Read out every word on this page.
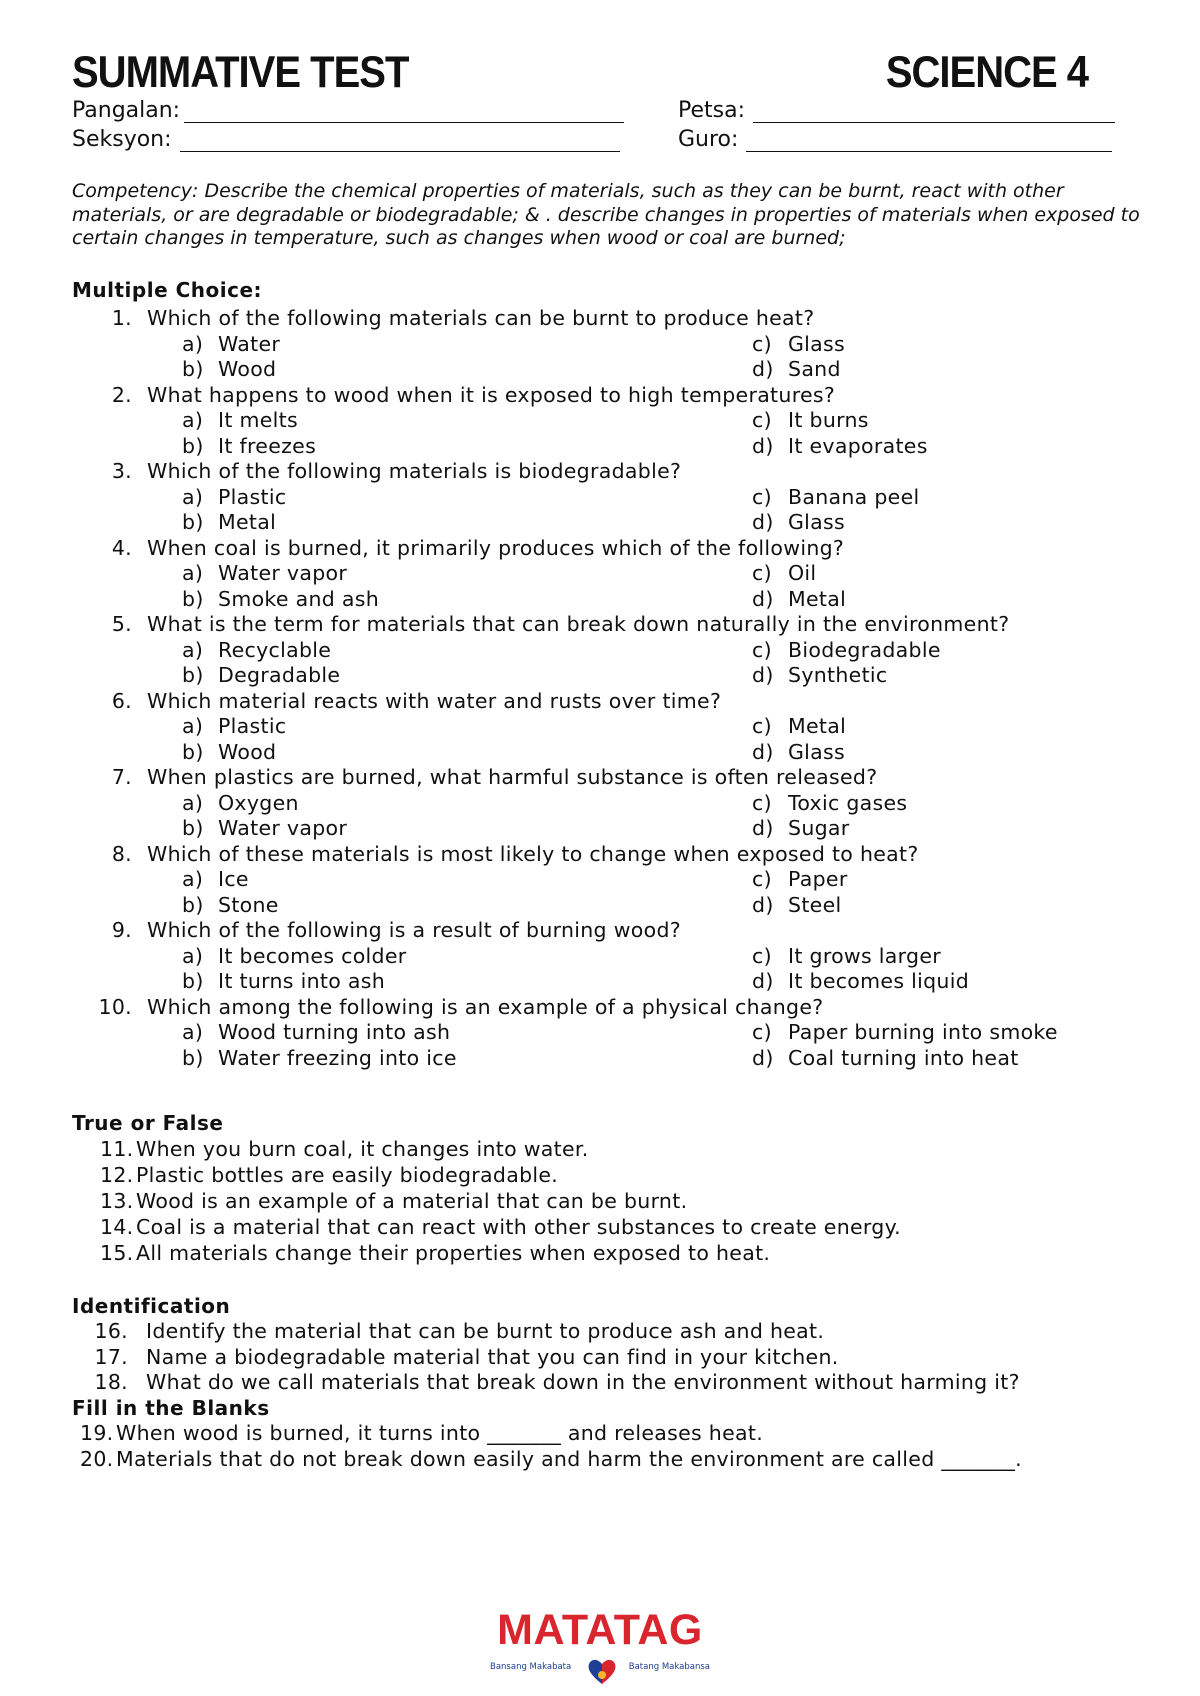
SUMMATIVE TEST	SCIENCE 4
Pangalan:	Petsa:
Seksyon:	Guro:
Competency: Describe the chemical properties of materials, such as they can be burnt, react with other materials, or are degradable or biodegradable; & . describe changes in properties of materials when exposed to certain changes in temperature, such as changes when wood or coal are burned;
Multiple Choice:
1. Which of the following materials can be burnt to produce heat?
a) Water	c) Glass
b) Wood	d) Sand
2. What happens to wood when it is exposed to high temperatures?
a) It melts	c) It burns
b) It freezes	d) It evaporates
3. Which of the following materials is biodegradable?
a) Plastic	c) Banana peel
b) Metal	d) Glass
4. When coal is burned, it primarily produces which of the following?
a) Water vapor	c) Oil
b) Smoke and ash	d) Metal
5. What is the term for materials that can break down naturally in the environment?
a) Recyclable	c) Biodegradable
b) Degradable	d) Synthetic
6. Which material reacts with water and rusts over time?
a) Plastic	c) Metal
b) Wood	d) Glass
7. When plastics are burned, what harmful substance is often released?
a) Oxygen	c) Toxic gases
b) Water vapor	d) Sugar
8. Which of these materials is most likely to change when exposed to heat?
a) Ice	c) Paper
b) Stone	d) Steel
9. Which of the following is a result of burning wood?
a) It becomes colder	c) It grows larger
b) It turns into ash	d) It becomes liquid
10. Which among the following is an example of a physical change?
a) Wood turning into ash	c) Paper burning into smoke
b) Water freezing into ice	d) Coal turning into heat
True or False
11. When you burn coal, it changes into water.
12. Plastic bottles are easily biodegradable.
13. Wood is an example of a material that can be burnt.
14. Coal is a material that can react with other substances to create energy.
15. All materials change their properties when exposed to heat.
Identification
16. Identify the material that can be burnt to produce ash and heat.
17. Name a biodegradable material that you can find in your kitchen.
18. What do we call materials that break down in the environment without harming it?
Fill in the Blanks
19. When wood is burned, it turns into _______ and releases heat.
20. Materials that do not break down easily and harm the environment are called _______.
MATATAG
Bansang Makabata	Batang Makabansa
